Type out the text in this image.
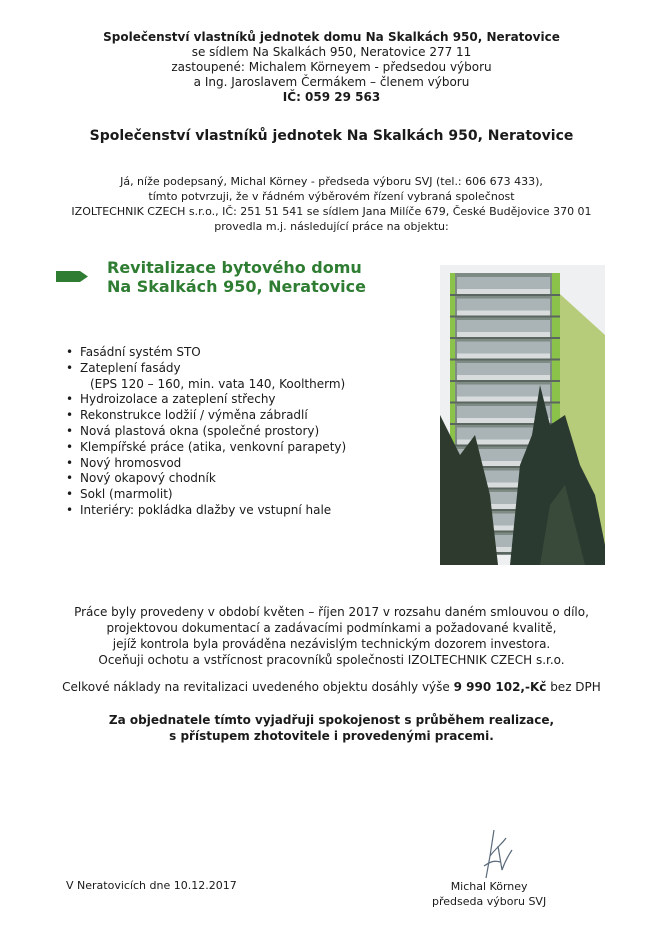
Společenství vlastníků jednotek domu Na Skalkách 950, Neratovice
se sídlem Na Skalkách 950, Neratovice 277 11
zastoupené: Michalem Körneyem - předsedou výboru
a Ing. Jaroslavem Čermákem – členem výboru
IČ: 059 29 563
Společenství vlastníků jednotek Na Skalkách 950, Neratovice
Já, níže podepsaný, Michal Körney - předseda výboru SVJ (tel.: 606 673 433),
tímto potvrzuji, že v řádném výběrovém řízení vybraná společnost
IZOLTECHNIK CZECH s.r.o., IČ: 251 51 541 se sídlem Jana Milíče 679, České Budějovice 370 01
provedla m.j. následující práce na objektu:
Revitalizace bytového domu
Na Skalkách 950, Neratovice
• Fasádní systém STO
• Zateplení fasády
(EPS 120 – 160, min. vata 140, Kooltherm)
• Hydroizolace a zateplení střechy
• Rekonstrukce lodžií / výměna zábradlí
• Nová plastová okna (společné prostory)
• Klempířské práce (atika, venkovní parapety)
• Nový hromosvod
• Nový okapový chodník
• Sokl (marmolit)
• Interiéry: pokládka dlažby ve vstupní hale
Práce byly provedeny v období květen – říjen 2017 v rozsahu daném smlouvou o dílo,
projektovou dokumentací a zadávacími podmínkami a požadované kvalitě,
jejíž kontrola byla prováděna nezávislým technickým dozorem investora.
Oceňuji ochotu a vstřícnost pracovníků společnosti IZOLTECHNIK CZECH s.r.o.
Celkové náklady na revitalizaci uvedeného objektu dosáhly výše 9 990 102,-Kč bez DPH
Za objednatele tímto vyjadřuji spokojenost s průběhem realizace,
s přístupem zhotovitele i provedenými pracemi.
V Neratovicích dne 10.12.2017	Michal Körney
předseda výboru SVJ
